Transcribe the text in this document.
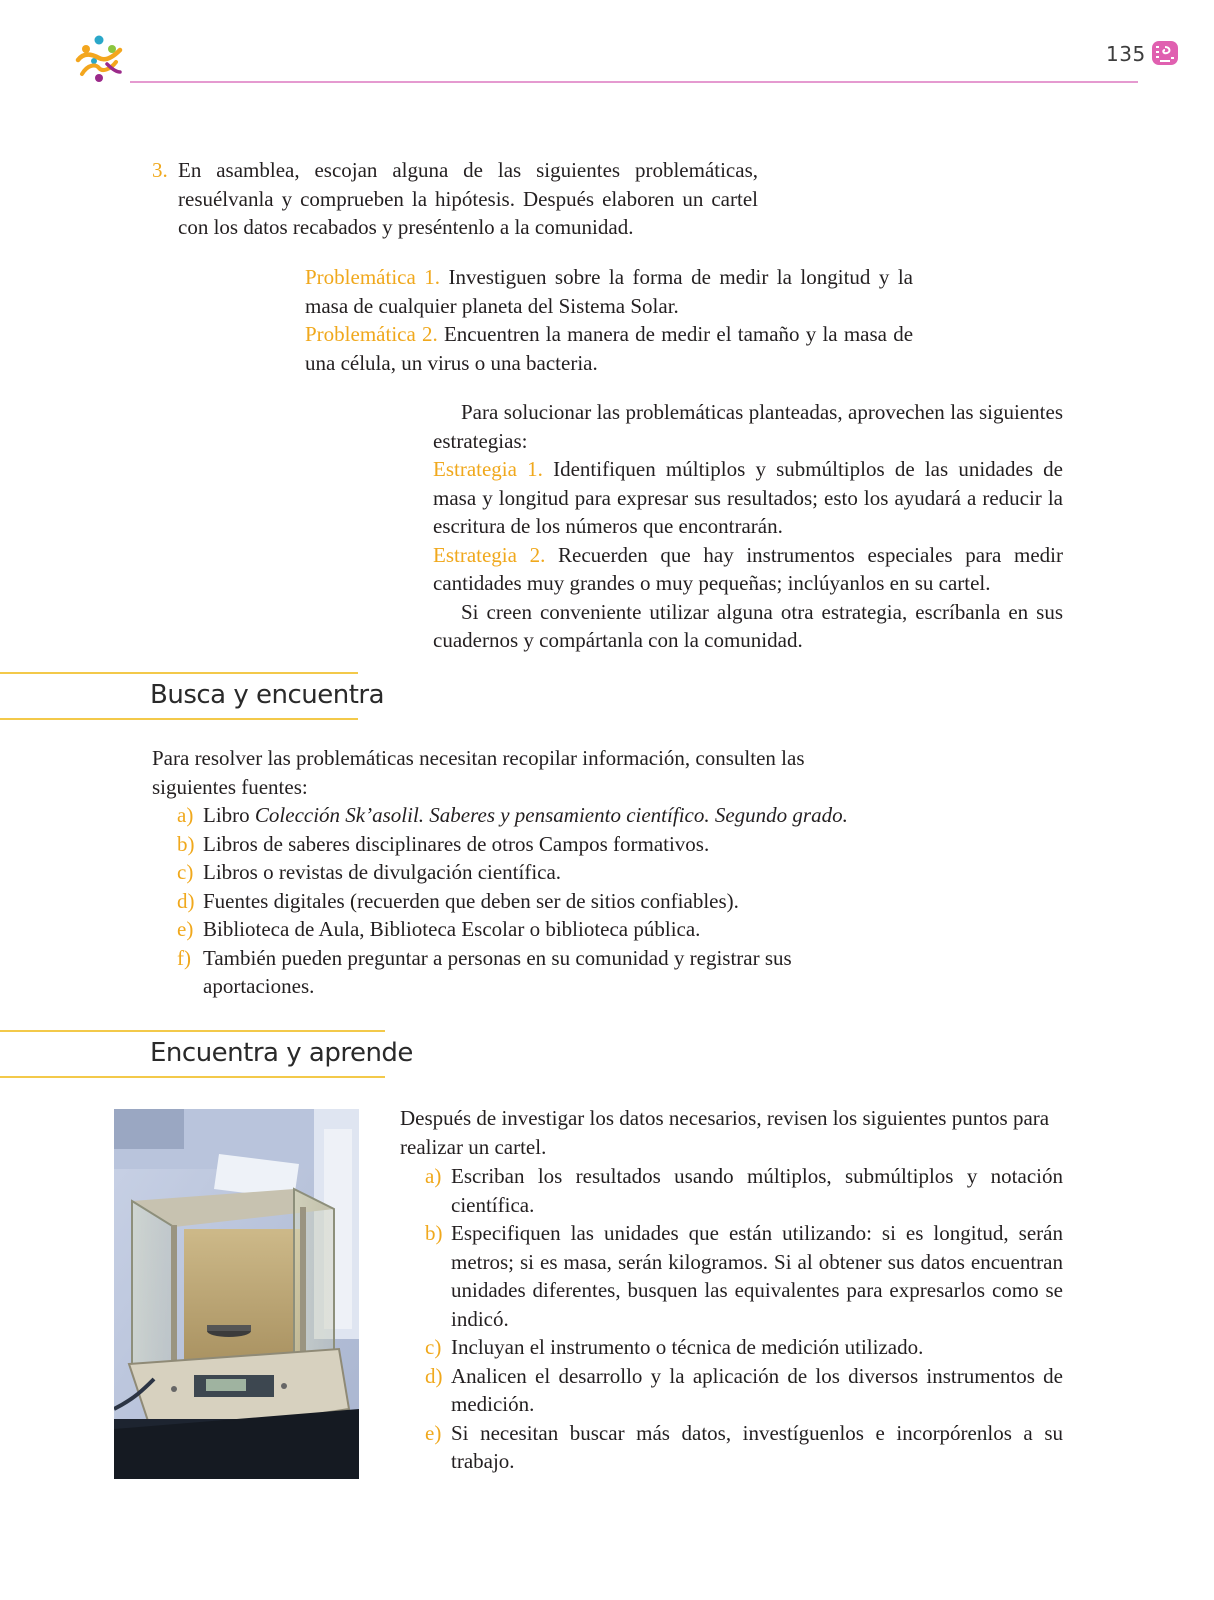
135
3. En asamblea, escojan alguna de las siguientes problemáticas, resuélvanla y comprueben la hipótesis. Después elaboren un cartel con los datos recabados y preséntenlo a la comunidad.
Problemática 1. Investiguen sobre la forma de medir la longitud y la masa de cualquier planeta del Sistema Solar.
Problemática 2. Encuentren la manera de medir el tamaño y la masa de una célula, un virus o una bacteria.
Para solucionar las problemáticas planteadas, aprovechen las siguientes estrategias:
Estrategia 1. Identifiquen múltiplos y submúltiplos de las unidades de masa y longitud para expresar sus resultados; esto los ayudará a reducir la escritura de los números que encontrarán.
Estrategia 2. Recuerden que hay instrumentos especiales para medir cantidades muy grandes o muy pequeñas; inclúyanlos en su cartel.
Si creen conveniente utilizar alguna otra estrategia, escríbanla en sus cuadernos y compártanla con la comunidad.
Busca y encuentra
Para resolver las problemáticas necesitan recopilar información, consulten las siguientes fuentes:
a) Libro Colección Sk’asolil. Saberes y pensamiento científico. Segundo grado.
b) Libros de saberes disciplinares de otros Campos formativos.
c) Libros o revistas de divulgación científica.
d) Fuentes digitales (recuerden que deben ser de sitios confiables).
e) Biblioteca de Aula, Biblioteca Escolar o biblioteca pública.
f) También pueden preguntar a personas en su comunidad y registrar sus aportaciones.
Encuentra y aprende
Después de investigar los datos necesarios, revisen los siguientes puntos para realizar un cartel.
a) Escriban los resultados usando múltiplos, submúltiplos y notación científica.
b) Especifiquen las unidades que están utilizando: si es longitud, serán metros; si es masa, serán kilogramos. Si al obtener sus datos encuentran unidades diferentes, busquen las equivalentes para expresarlos como se indicó.
c) Incluyan el instrumento o técnica de medición utilizado.
d) Analicen el desarrollo y la aplicación de los diversos instrumentos de medición.
e) Si necesitan buscar más datos, investíguenlos e incorpórenlos a su trabajo.
